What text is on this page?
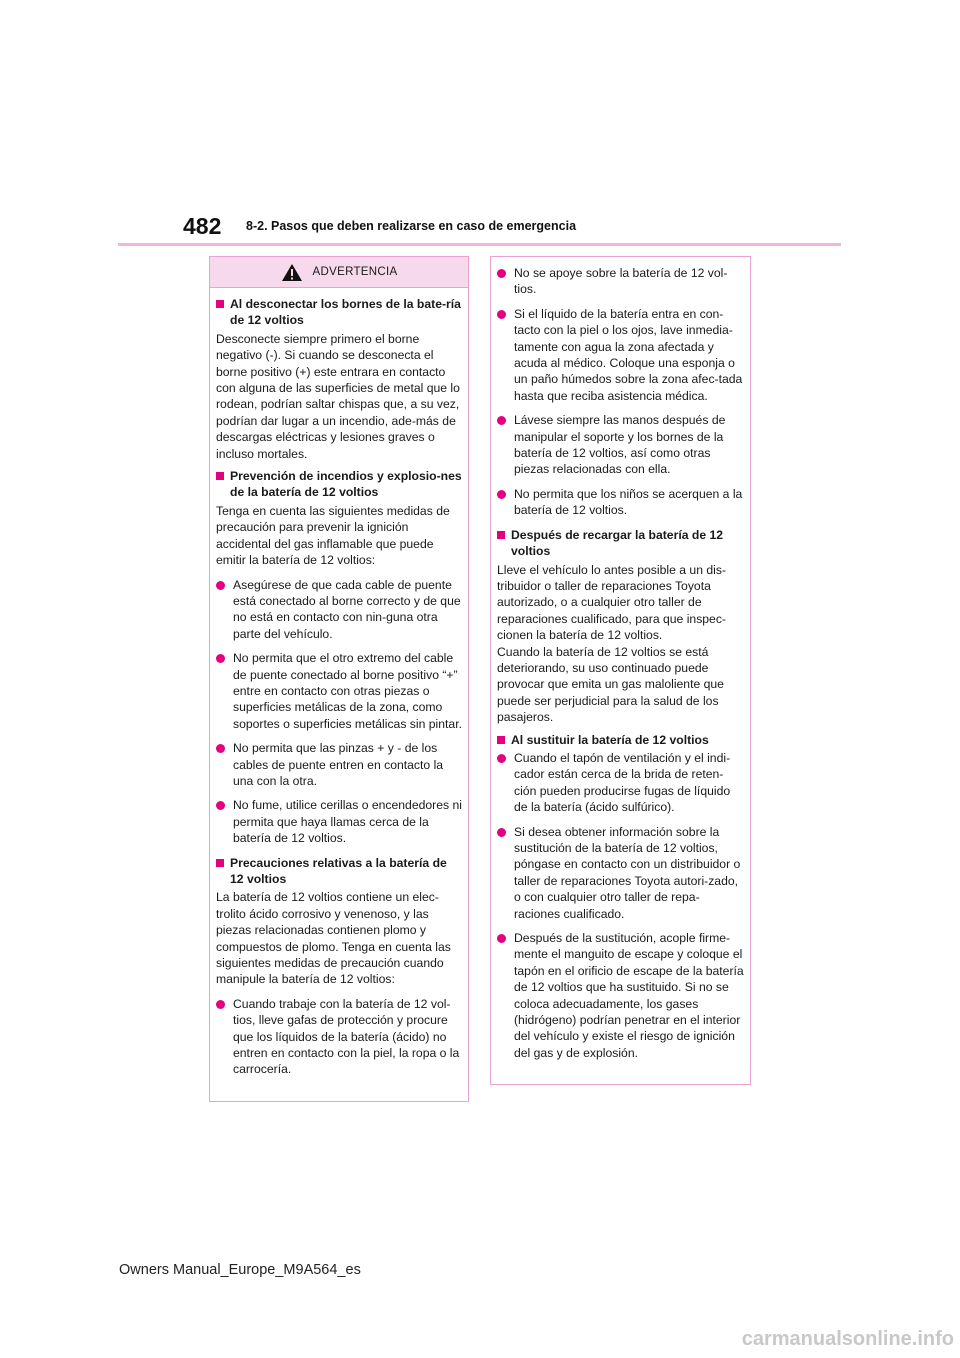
482 8-2. Pasos que deben realizarse en caso de emergencia
ADVERTENCIA
Al desconectar los bornes de la bate-ría de 12 voltios

Desconecte siempre primero el borne negativo (-). Si cuando se desconecta el borne positivo (+) este entrara en contacto con alguna de las superficies de metal que lo rodean, podrían saltar chispas que, a su vez, podrían dar lugar a un incendio, ade-más de descargas eléctricas y lesiones graves o incluso mortales.

Prevención de incendios y explosio-nes de la batería de 12 voltios

Tenga en cuenta las siguientes medidas de precaución para prevenir la ignición accidental del gas inflamable que puede emitir la batería de 12 voltios:

Asegúrese de que cada cable de puente está conectado al borne correcto y de que no está en contacto con nin-guna otra parte del vehículo.
No permita que el otro extremo del cable de puente conectado al borne positivo “+” entre en contacto con otras piezas o superficies metálicas de la zona, como soportes o superficies metálicas sin pintar.
No permita que las pinzas + y - de los cables de puente entren en contacto la una con la otra.
No fume, utilice cerillas o encendedores ni permita que haya llamas cerca de la batería de 12 voltios.
Precauciones relativas a la batería de 12 voltios

La batería de 12 voltios contiene un elec-trolito ácido corrosivo y venenoso, y las piezas relacionadas contienen plomo y compuestos de plomo. Tenga en cuenta las siguientes medidas de precaución cuando manipule la batería de 12 voltios:

Cuando trabaje con la batería de 12 vol-tios, lleve gafas de protección y procure que los líquidos de la batería (ácido) no entren en contacto con la piel, la ropa o la carrocería.
No se apoye sobre la batería de 12 vol-tios.
Si el líquido de la batería entra en con-tacto con la piel o los ojos, lave inmedia-tamente con agua la zona afectada y acuda al médico. Coloque una esponja o un paño húmedos sobre la zona afec-tada hasta que reciba asistencia médica.
Lávese siempre las manos después de manipular el soporte y los bornes de la batería de 12 voltios, así como otras piezas relacionadas con ella.
No permita que los niños se acerquen a la batería de 12 voltios.
Después de recargar la batería de 12 voltios

Lleve el vehículo lo antes posible a un dis-tribuidor o taller de reparaciones Toyota autorizado, o a cualquier otro taller de reparaciones cualificado, para que inspec-cionen la batería de 12 voltios.

Cuando la batería de 12 voltios se está deteriorando, su uso continuado puede provocar que emita un gas maloliente que puede ser perjudicial para la salud de los pasajeros.

Al sustituir la batería de 12 voltios
Cuando el tapón de ventilación y el indi-cador están cerca de la brida de reten-ción pueden producirse fugas de líquido de la batería (ácido sulfúrico).
Si desea obtener información sobre la sustitución de la batería de 12 voltios, póngase en contacto con un distribuidor o taller de reparaciones Toyota autori-zado, o con cualquier otro taller de repa-raciones cualificado.
Después de la sustitución, acople firme-mente el manguito de escape y coloque el tapón en el orificio de escape de la batería de 12 voltios que ha sustituido. Si no se coloca adecuadamente, los gases (hidrógeno) podrían penetrar en el interior del vehículo y existe el riesgo de ignición del gas y de explosión.
Owners Manual_Europe_M9A564_es
carmanualsonline.info
